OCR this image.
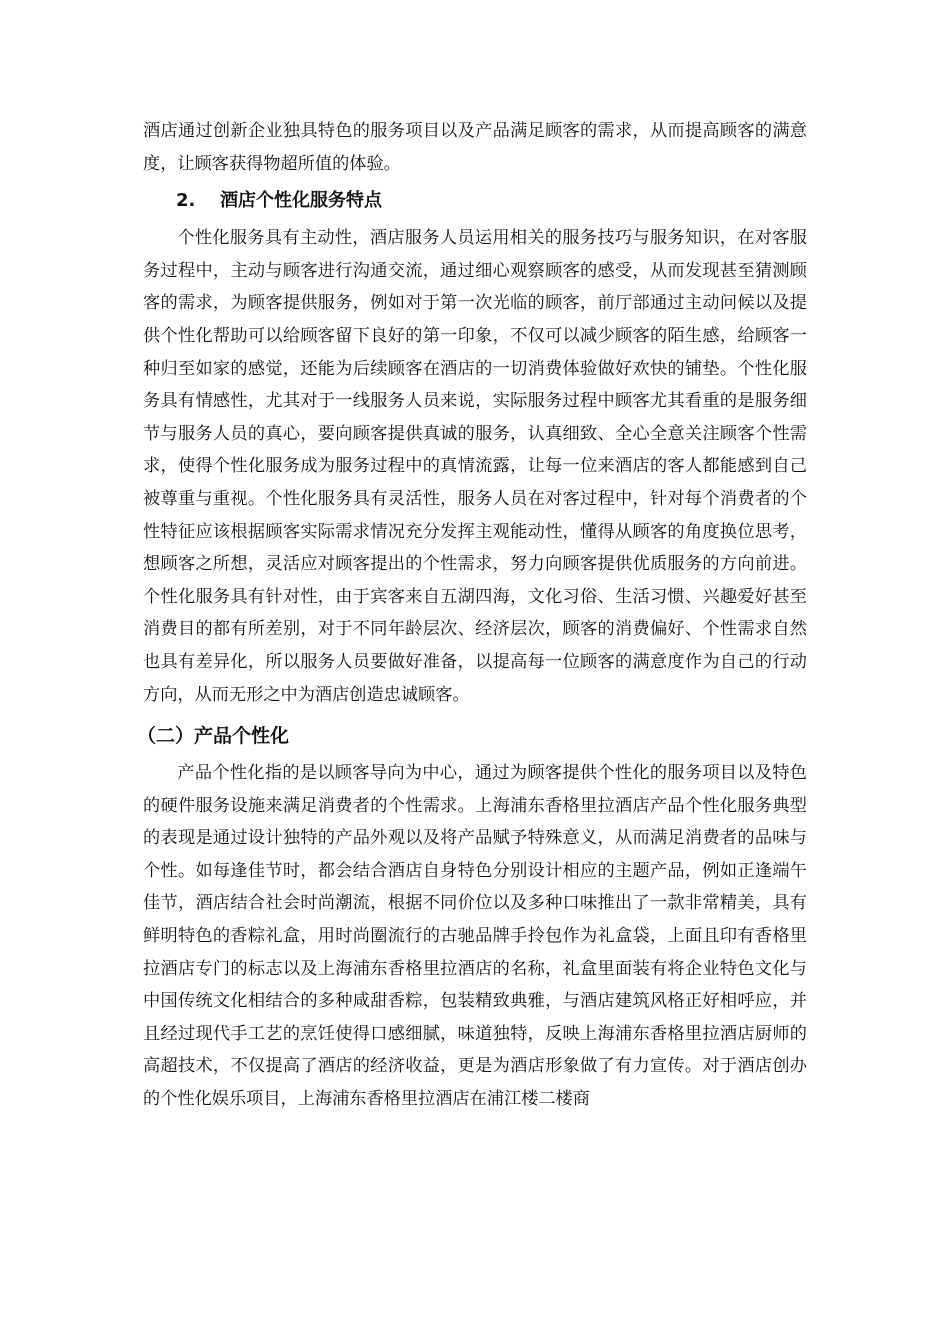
酒店通过创新企业独具特色的服务项目以及产品满足顾客的需求，从而提高顾客的满意度，让顾客获得物超所值的体验。

2. 酒店个性化服务特点

个性化服务具有主动性，酒店服务人员运用相关的服务技巧与服务知识，在对客服务过程中，主动与顾客进行沟通交流，通过细心观察顾客的感受，从而发现甚至猜测顾客的需求，为顾客提供服务，例如对于第一次光临的顾客，前厅部通过主动问候以及提供个性化帮助可以给顾客留下良好的第一印象，不仅可以减少顾客的陌生感，给顾客一种归至如家的感觉，还能为后续顾客在酒店的一切消费体验做好欢快的铺垫。个性化服务具有情感性，尤其对于一线服务人员来说，实际服务过程中顾客尤其看重的是服务细节与服务人员的真心，要向顾客提供真诚的服务，认真细致、全心全意关注顾客个性需求，使得个性化服务成为服务过程中的真情流露，让每一位来酒店的客人都能感到自己被尊重与重视。个性化服务具有灵活性，服务人员在对客过程中，针对每个消费者的个性特征应该根据顾客实际需求情况充分发挥主观能动性，懂得从顾客的角度换位思考，想顾客之所想，灵活应对顾客提出的个性需求，努力向顾客提供优质服务的方向前进。个性化服务具有针对性，由于宾客来自五湖四海，文化习俗、生活习惯、兴趣爱好甚至消费目的都有所差别，对于不同年龄层次、经济层次，顾客的消费偏好、个性需求自然也具有差异化，所以服务人员要做好准备，以提高每一位顾客的满意度作为自己的行动方向，从而无形之中为酒店创造忠诚顾客。

（二）产品个性化

产品个性化指的是以顾客导向为中心，通过为顾客提供个性化的服务项目以及特色的硬件服务设施来满足消费者的个性需求。上海浦东香格里拉酒店产品个性化服务典型的表现是通过设计独特的产品外观以及将产品赋予特殊意义，从而满足消费者的品味与个性。如每逢佳节时，都会结合酒店自身特色分别设计相应的主题产品，例如正逢端午佳节，酒店结合社会时尚潮流，根据不同价位以及多种口味推出了一款非常精美，具有鲜明特色的香粽礼盒，用时尚圈流行的古驰品牌手拎包作为礼盒袋，上面且印有香格里拉酒店专门的标志以及上海浦东香格里拉酒店的名称，礼盒里面装有将企业特色文化与中国传统文化相结合的多种咸甜香粽，包装精致典雅，与酒店建筑风格正好相呼应，并且经过现代手工艺的烹饪使得口感细腻，味道独特，反映上海浦东香格里拉酒店厨师的高超技术，不仅提高了酒店的经济收益，更是为酒店形象做了有力宣传。对于酒店创办的个性化娱乐项目，上海浦东香格里拉酒店在浦江楼二楼商
